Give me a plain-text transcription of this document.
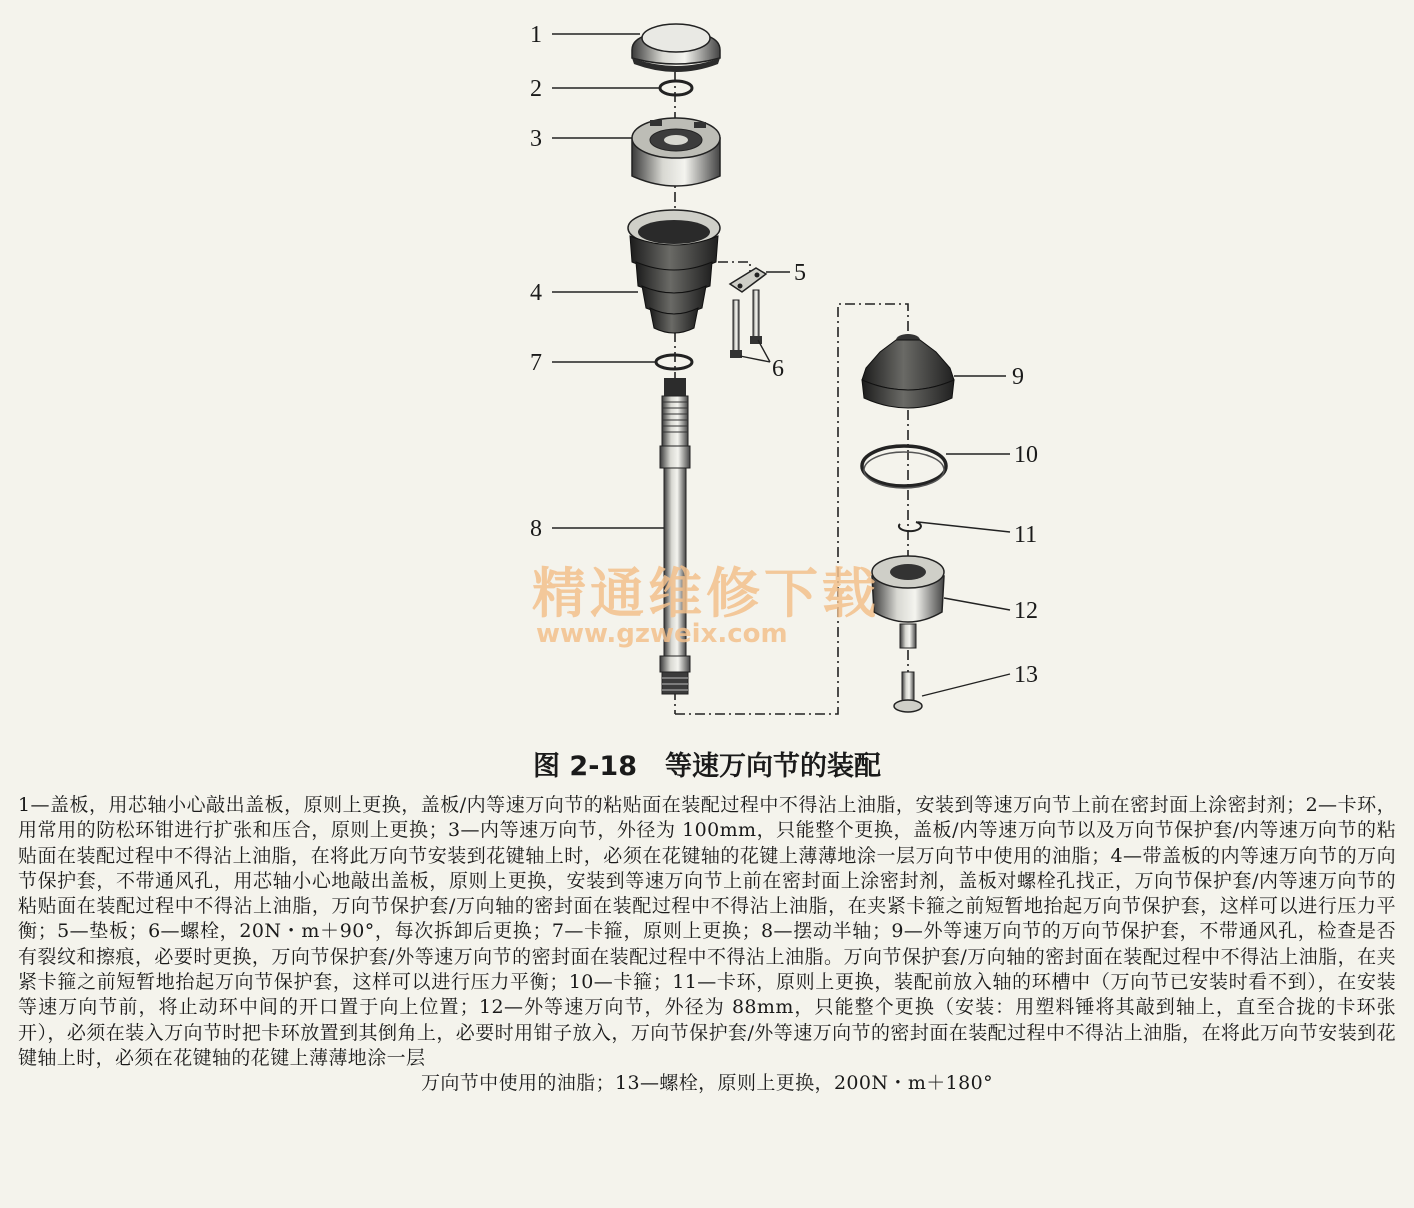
1
2
3
4
5
6
7
8
9
10
11
12
13
精通维修下载
www.gzweix.com
图 2-18 等速万向节的装配
1—盖板，用芯轴小心敲出盖板，原则上更换，盖板/内等速万向节的粘贴面在装配过程中不得沾上油脂，安装到等速万向节上前在密封面上涂密封剂；2—卡环，用常用的防松环钳进行扩张和压合，原则上更换；3—内等速万向节，外径为 100mm，只能整个更换，盖板/内等速万向节以及万向节保护套/内等速万向节的粘贴面在装配过程中不得沾上油脂，在将此万向节安装到花键轴上时，必须在花键轴的花键上薄薄地涂一层万向节中使用的油脂；4—带盖板的内等速万向节的万向节保护套，不带通风孔，用芯轴小心地敲出盖板，原则上更换，安装到等速万向节上前在密封面上涂密封剂，盖板对螺栓孔找正，万向节保护套/内等速万向节的粘贴面在装配过程中不得沾上油脂，万向节保护套/万向轴的密封面在装配过程中不得沾上油脂，在夹紧卡箍之前短暂地抬起万向节保护套，这样可以进行压力平衡；5—垫板；6—螺栓，20N・m＋90°，每次拆卸后更换；7—卡箍，原则上更换；8—摆动半轴；9—外等速万向节的万向节保护套，不带通风孔，检查是否有裂纹和擦痕，必要时更换，万向节保护套/外等速万向节的密封面在装配过程中不得沾上油脂。万向节保护套/万向轴的密封面在装配过程中不得沾上油脂，在夹紧卡箍之前短暂地抬起万向节保护套，这样可以进行压力平衡；10—卡箍；11—卡环，原则上更换，装配前放入轴的环槽中（万向节已安装时看不到），在安装等速万向节前，将止动环中间的开口置于向上位置；12—外等速万向节，外径为 88mm，只能整个更换（安装：用塑料锤将其敲到轴上，直至合拢的卡环张开），必须在装入万向节时把卡环放置到其倒角上，必要时用钳子放入，万向节保护套/外等速万向节的密封面在装配过程中不得沾上油脂，在将此万向节安装到花键轴上时，必须在花键轴的花键上薄薄地涂一层
万向节中使用的油脂；13—螺栓，原则上更换，200N・m＋180°
